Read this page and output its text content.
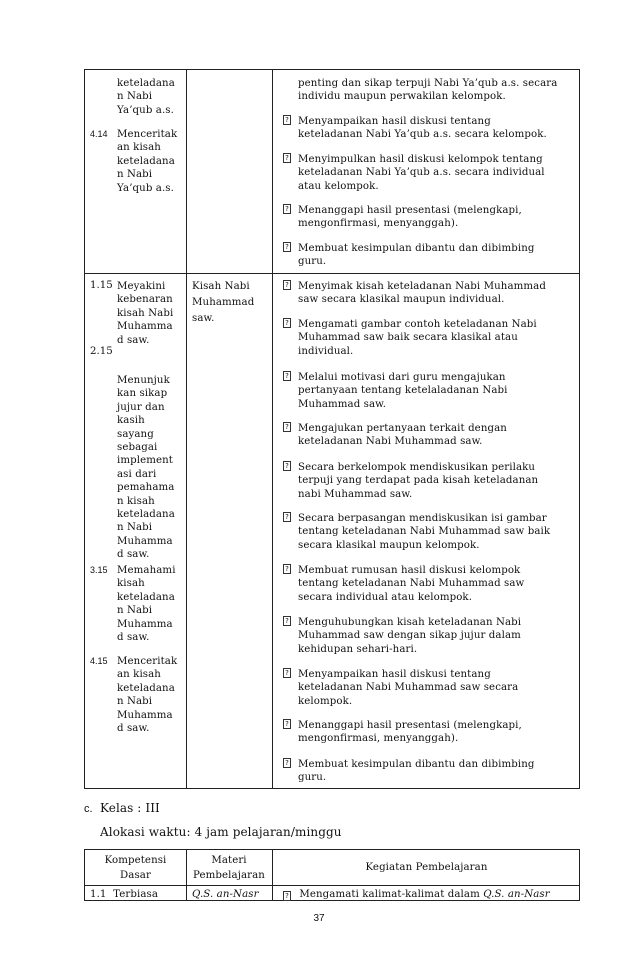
keteladana
n Nabi
Ya’qub a.s.
4.14 Menceritak
an kisah
keteladana
n Nabi
Ya’qub a.s.
penting dan sikap terpuji Nabi Ya’qub a.s. secara
individu maupun perwakilan kelompok.
? Menyampaikan hasil diskusi tentang
keteladanan Nabi Ya’qub a.s. secara kelompok.
? Menyimpulkan hasil diskusi kelompok tentang
keteladanan Nabi Ya’qub a.s. secara individual
atau kelompok.
? Menanggapi hasil presentasi (melengkapi,
mengonfirmasi, menyanggah).
? Membuat kesimpulan dibantu dan dibimbing
guru.
1.15 Meyakini
kebenaran
kisah Nabi
Muhamma
d saw.
2.15
Menunjuk
kan sikap
jujur dan
kasih
sayang
sebagai
implement
asi dari
pemahama
n kisah
keteladana
n Nabi
Muhamma
d saw.
3.15 Memahami
kisah
keteladana
n Nabi
Muhamma
d saw.
4.15 Menceritak
an kisah
keteladana
n Nabi
Muhamma
d saw.
Kisah Nabi
Muhammad
saw.
? Menyimak kisah keteladanan Nabi Muhammad
saw secara klasikal maupun individual.
? Mengamati gambar contoh keteladanan Nabi
Muhammad saw baik secara klasikal atau
individual.
? Melalui motivasi dari guru mengajukan
pertanyaan tentang ketelaladanan Nabi
Muhammad saw.
? Mengajukan pertanyaan terkait dengan
keteladanan Nabi Muhammad saw.
? Secara berkelompok mendiskusikan perilaku
terpuji yang terdapat pada kisah keteladanan
nabi Muhammad saw.
? Secara berpasangan mendiskusikan isi gambar
tentang keteladanan Nabi Muhammad saw baik
secara klasikal maupun kelompok.
? Membuat rumusan hasil diskusi kelompok
tentang keteladanan Nabi Muhammad saw
secara individual atau kelompok.
? Menguhubungkan kisah keteladanan Nabi
Muhammad saw dengan sikap jujur dalam
kehidupan sehari-hari.
? Menyampaikan hasil diskusi tentang
keteladanan Nabi Muhammad saw secara
kelompok.
? Menanggapi hasil presentasi (melengkapi,
mengonfirmasi, menyanggah).
? Membuat kesimpulan dibantu dan dibimbing
guru.
c. Kelas : III
Alokasi waktu: 4 jam pelajaran/minggu
Kompetensi
Dasar
Materi
Pembelajaran
Kegiatan Pembelajaran
1.1  Terbiasa	Q.S. an-Nasr	? Mengamati kalimat-kalimat dalam Q.S. an-Nasr
37
